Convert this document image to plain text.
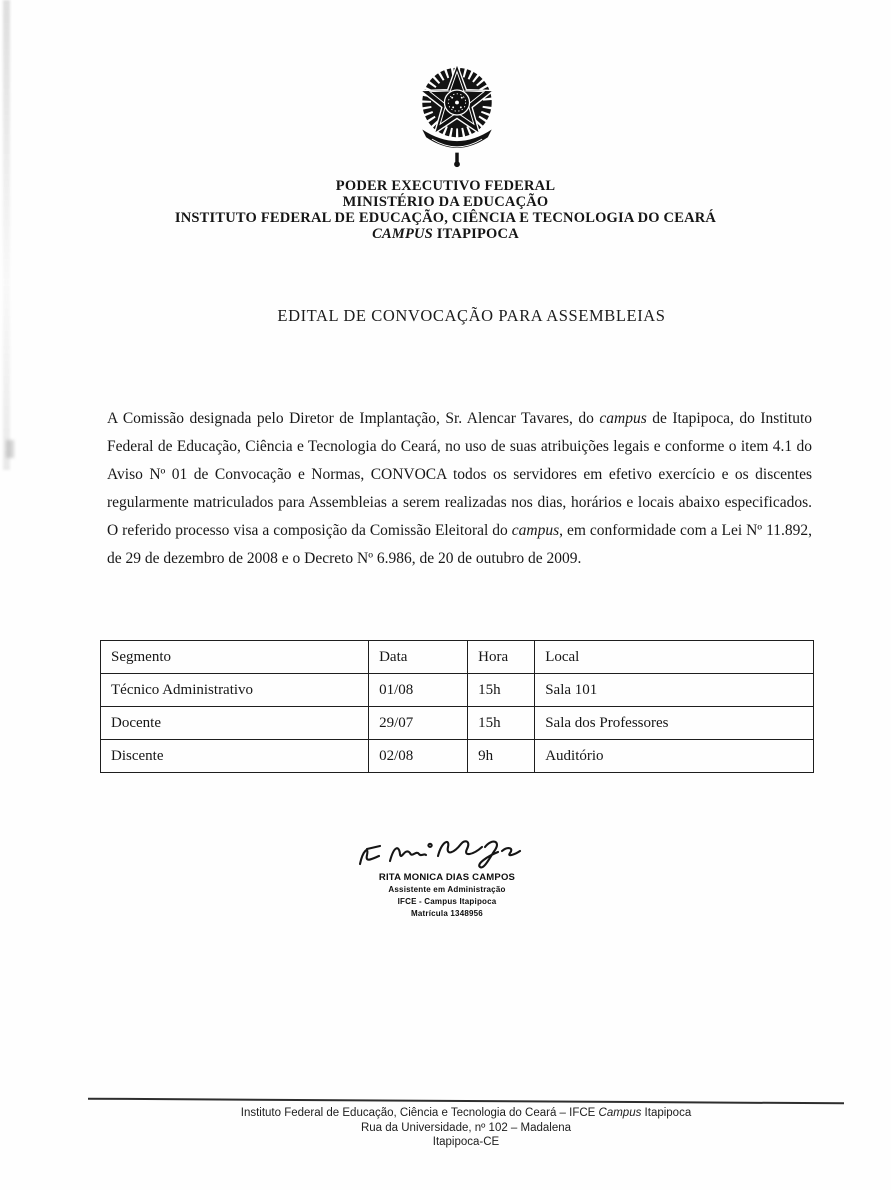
PODER EXECUTIVO FEDERAL
MINISTÉRIO DA EDUCAÇÃO
INSTITUTO FEDERAL DE EDUCAÇÃO, CIÊNCIA E TECNOLOGIA DO CEARÁ
CAMPUS ITAPIPOCA
EDITAL DE CONVOCAÇÃO PARA ASSEMBLEIAS

A Comissão designada pelo Diretor de Implantação, Sr. Alencar Tavares, do campus de Itapipoca, do Instituto Federal de Educação, Ciência e Tecnologia do Ceará, no uso de suas atribuições legais e conforme o item 4.1 do Aviso Nº 01 de Convocação e Normas, CONVOCA todos os servidores em efetivo exercício e os discentes regularmente matriculados para Assembleias a serem realizadas nos dias, horários e locais abaixo especificados. O referido processo visa a composição da Comissão Eleitoral do campus, em conformidade com a Lei Nº 11.892, de 29 de dezembro de 2008 e o Decreto Nº 6.986, de 20 de outubro de 2009.

Segmento	Data	Hora	Local
Técnico Administrativo	01/08	15h	Sala 101
Docente	29/07	15h	Sala dos Professores
Discente	02/08	9h	Auditório
RITA MONICA DIAS CAMPOS
Assistente em Administração
IFCE - Campus Itapipoca
Matrícula 1348956
Instituto Federal de Educação, Ciência e Tecnologia do Ceará – IFCE Campus Itapipoca
Rua da Universidade, nº 102 – Madalena
Itapipoca-CE
